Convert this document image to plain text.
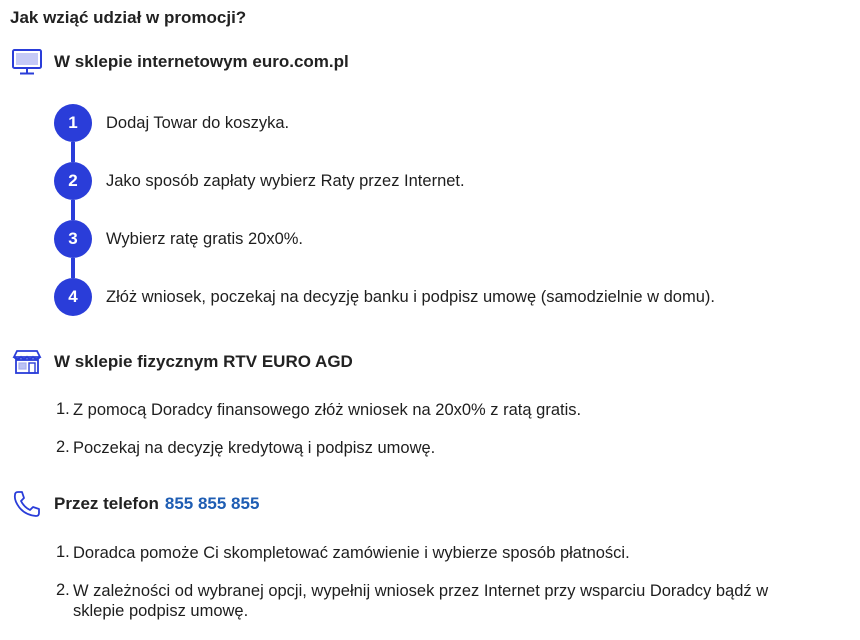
Jak wziąć udział w promocji?
W sklepie internetowym euro.com.pl
1	Dodaj Towar do koszyka.
2	Jako sposób zapłaty wybierz Raty przez Internet.
3	Wybierz ratę gratis 20x0%.
4	Złóż wniosek, poczekaj na decyzję banku i podpisz umowę (samodzielnie w domu).
W sklepie fizycznym RTV EURO AGD
1. Z pomocą Doradcy finansowego złóż wniosek na 20x0% z ratą gratis.
2. Poczekaj na decyzję kredytową i podpisz umowę.
Przez telefon 855 855 855
1. Doradca pomoże Ci skompletować zamówienie i wybierze sposób płatności.
2. W zależności od wybranej opcji, wypełnij wniosek przez Internet przy wsparciu Doradcy bądź w sklepie podpisz umowę.
